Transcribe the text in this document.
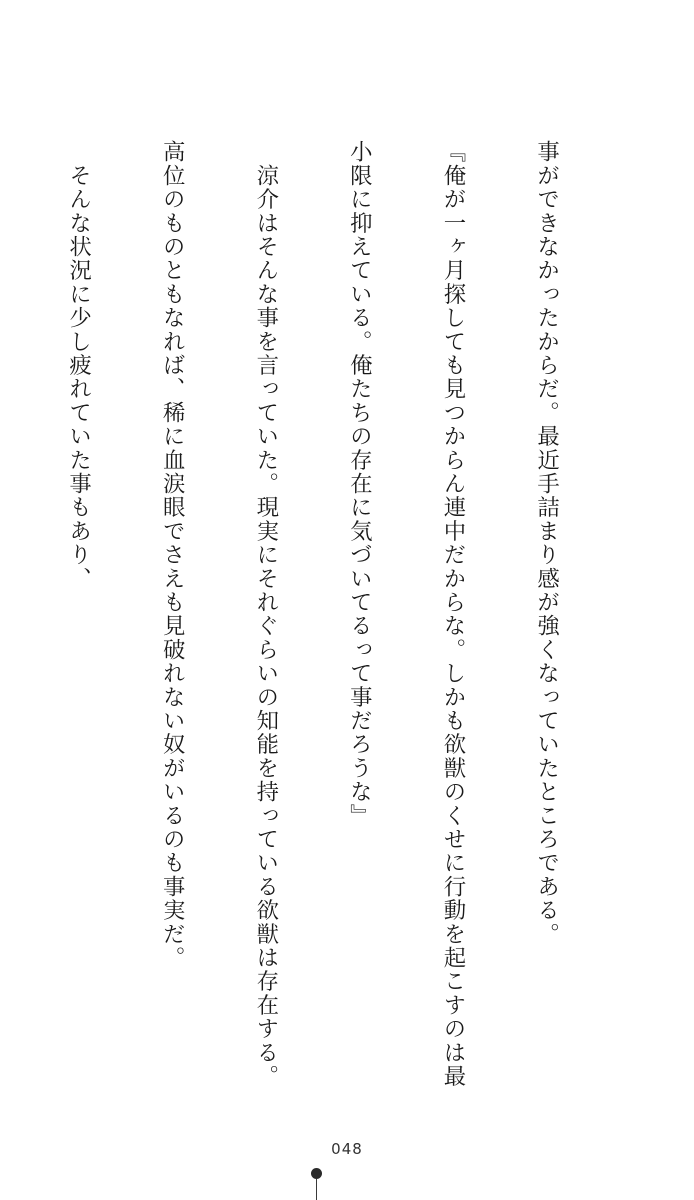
事ができなかったからだ。最近手詰まり感が強くなっていたところである。

『俺が一ヶ月探しても見つからん連中だからな。しかも欲獣のくせに行動を起こすのは最

小限に抑えている。俺たちの存在に気づいてるって事だろうな』

　涼介はそんな事を言っていた。現実にそれぐらいの知能を持っている欲獣は存在する。

高位のものともなれば、稀に血涙眼でさえも見破れない奴がいるのも事実だ。

　そんな状況に少し疲れていた事もあり、

048
